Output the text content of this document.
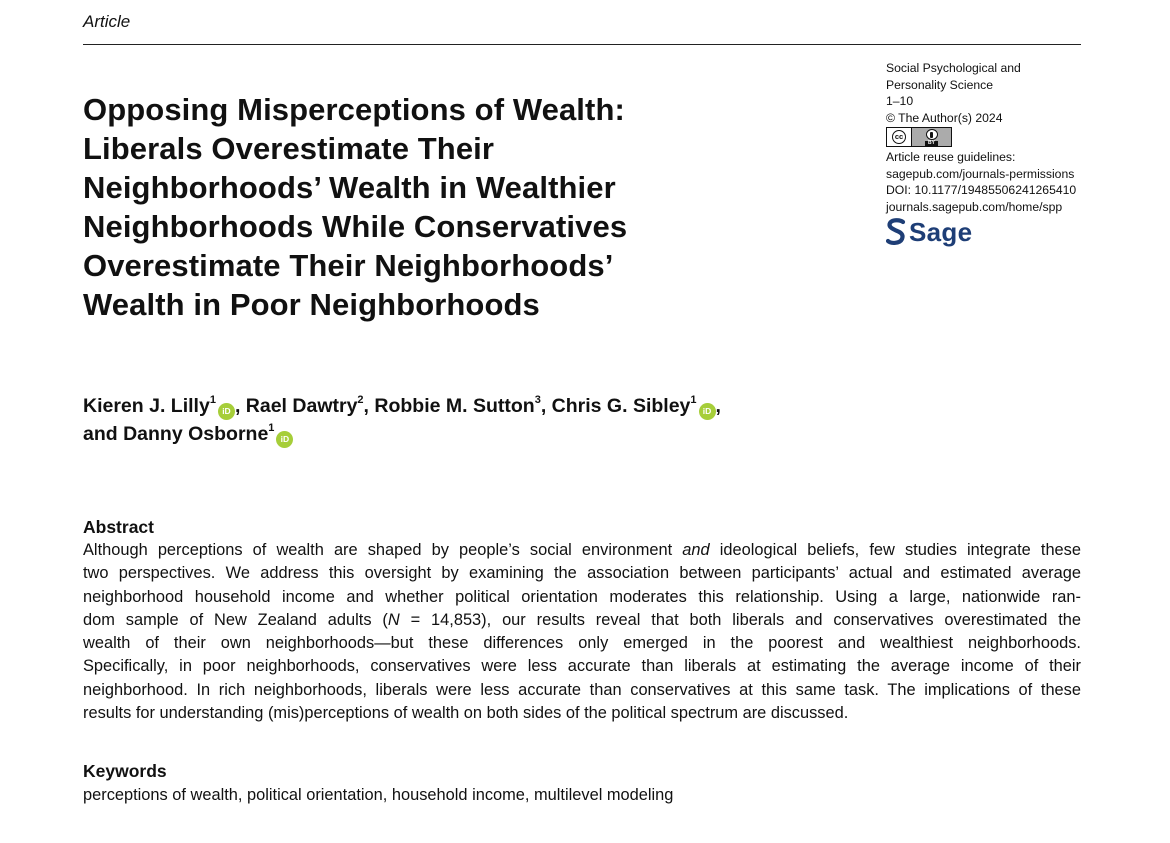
Article
Opposing Misperceptions of Wealth:
Liberals Overestimate Their
Neighborhoods’ Wealth in Wealthier
Neighborhoods While Conservatives
Overestimate Their Neighborhoods’
Wealth in Poor Neighborhoods
Social Psychological and
Personality Science
1–10
© The Author(s) 2024
cc
BY
Article reuse guidelines:
sagepub.com/journals-permissions
DOI: 10.1177/19485506241265410
journals.sagepub.com/home/spp
Sage
Kieren J. Lilly$^1$iD , Rael Dawtry$^2$, Robbie M. Sutton$^3$, Chris G. Sibley$^1$iD ,
and Danny Osborne$^1$iD
Abstract
Although perceptions of wealth are shaped by people’s social environment and ideological beliefs, few studies integrate these
two perspectives. We address this oversight by examining the association between participants’ actual and estimated average
neighborhood household income and whether political orientation moderates this relationship. Using a large, nationwide ran-
dom sample of New Zealand adults (N = 14,853), our results reveal that both liberals and conservatives overestimated the
wealth of their own neighborhoods—but these differences only emerged in the poorest and wealthiest neighborhoods.
Specifically, in poor neighborhoods, conservatives were less accurate than liberals at estimating the average income of their
neighborhood. In rich neighborhoods, liberals were less accurate than conservatives at this same task. The implications of these
results for understanding (mis)perceptions of wealth on both sides of the political spectrum are discussed.
Keywords
perceptions of wealth, political orientation, household income, multilevel modeling
